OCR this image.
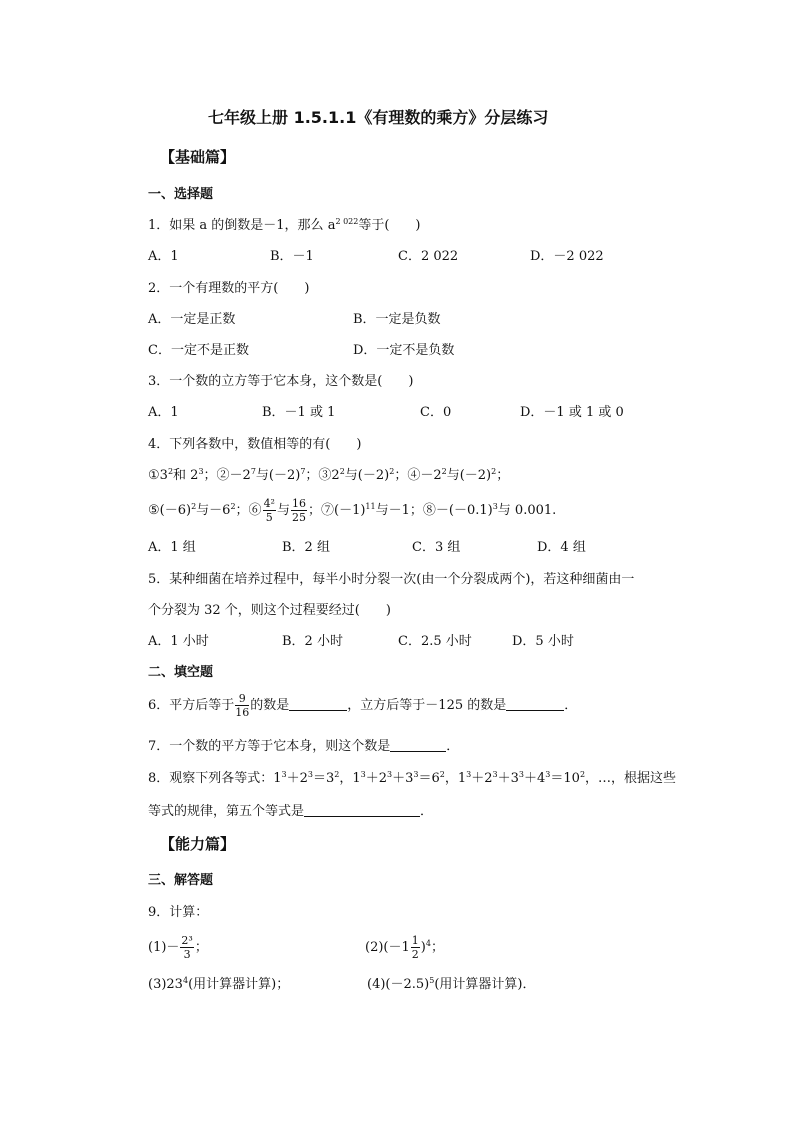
七年级上册 1.5.1.1《有理数的乘方》分层练习
【基础篇】
一、选择题
1．如果 a 的倒数是－1，那么 $a^{2 022}$等于(　　)
A．1	B．－1	C．2 022	D．－2 022
2．一个有理数的平方(　　)
A．一定是正数	B．一定是负数
C．一定不是正数	D．一定不是负数
3．一个数的立方等于它本身，这个数是(　　)
A．1	B．－1 或 1	C．0	D．－1 或 1 或 0
4．下列各数中，数值相等的有(　　)
$①3^2$和 $2^3$；$②-2^7$与$(-2)^7$；$③2^2$与$(-2)^2$；$④-2^2$与$(-2)^2$；
$⑤(-6)^2$与$-6^2$；⑥ $\frac{\text{4²}}{5}$ 与 $\frac{16}{25}$ ；$⑦(-1)^{11}$与－1；$⑧-(-0.1)^3$与 0.001.
A．1 组	B．2 组	C．3 组	D．4 组
5．某种细菌在培养过程中，每半小时分裂一次(由一个分裂成两个)，若这种细菌由一
个分裂为 32 个，则这个过程要经过(　　)
A．1 小时	B．2 小时	C．2.5 小时	D．5 小时
二、填空题
6．平方后等于 $\frac{9}{16}$ 的数是	，立方后等于－125 的数是	．
7．一个数的平方等于它本身，则这个数是	．
8．观察下列各等式：$1^3+2^3=3^2$，$1^3+2^3+3^3=6^2$，$1^3+2^3+3^3+4^3=10^2$，…，根据这些
等式的规律，第五个等式是	．
【能力篇】
三、解答题
9．计算：
$(1)- \frac{\text{2³}}{3}$ ；	$(2)(-1 \frac{1}{2} )^4$；
$(3)23^4$(用计算器计算)；	$(4)(-2.5)^5$(用计算器计算)．
